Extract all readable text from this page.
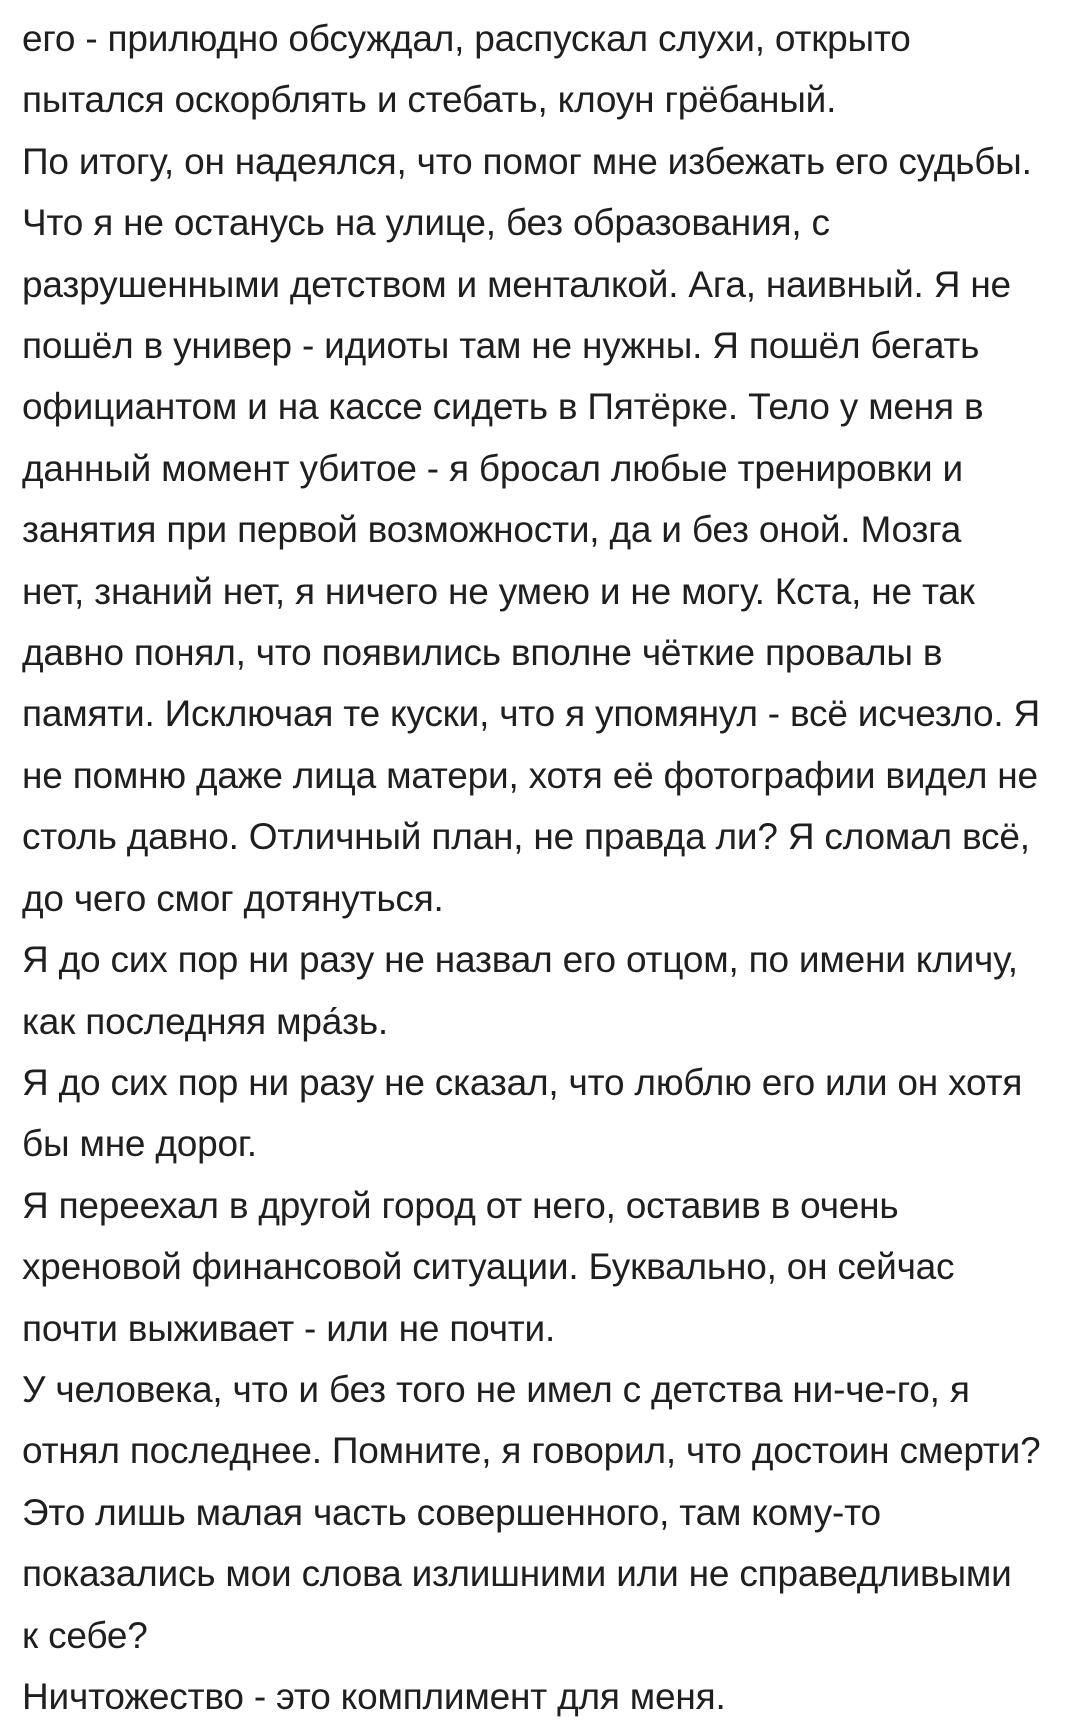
его - прилюдно обсуждал, распускал слухи, открыто
пытался оскорблять и стебать, клоун грёбаный.
По итогу, он надеялся, что помог мне избежать его судьбы.
Что я не останусь на улице, без образования, с
разрушенными детством и менталкой. Ага, наивный. Я не
пошёл в универ - идиоты там не нужны. Я пошёл бегать
официантом и на кассе сидеть в Пятёрке. Тело у меня в
данный момент убитое - я бросал любые тренировки и
занятия при первой возможности, да и без оной. Мозга
нет, знаний нет, я ничего не умею и не могу. Кста, не так
давно понял, что появились вполне чёткие провалы в
памяти. Исключая те куски, что я упомянул - всё исчезло. Я
не помню даже лица матери, хотя её фотографии видел не
столь давно. Отличный план, не правда ли? Я сломал всё,
до чего смог дотянуться.
Я до сих пор ни разу не назвал его отцом, по имени кличу,
как последняя мра́зь.
Я до сих пор ни разу не сказал, что люблю его или он хотя
бы мне дорог.
Я переехал в другой город от него, оставив в очень
хреновой финансовой ситуации. Буквально, он сейчас
почти выживает - или не почти.
У человека, что и без того не имел с детства ни-че-го, я
отнял последнее. Помните, я говорил, что достоин смерти?
Это лишь малая часть совершенного, там кому-то
показались мои слова излишними или не справедливыми
к себе?
Ничтожество - это комплимент для меня.
